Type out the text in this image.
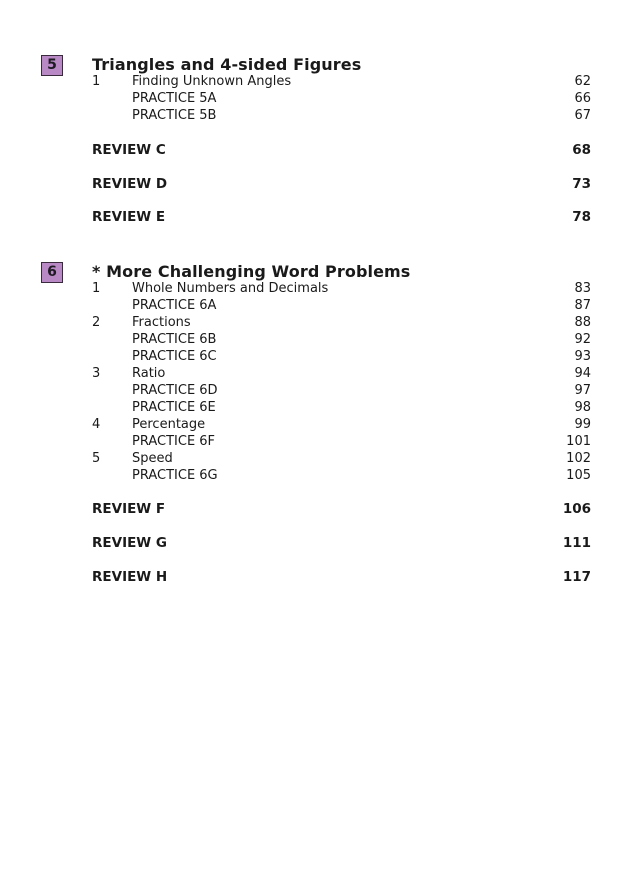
5	Triangles and 4-sided Figures
1 Finding Unknown Angles	62
PRACTICE 5A	66
PRACTICE 5B	67
REVIEW C	68
REVIEW D	73
REVIEW E	78
6	* More Challenging Word Problems
1 Whole Numbers and Decimals	83
PRACTICE 6A	87
2 Fractions	88
PRACTICE 6B	92
PRACTICE 6C	93
3 Ratio	94
PRACTICE 6D	97
PRACTICE 6E	98
4 Percentage	99
PRACTICE 6F	101
5 Speed	102
PRACTICE 6G	105
REVIEW F	106
REVIEW G	111
REVIEW H	117
